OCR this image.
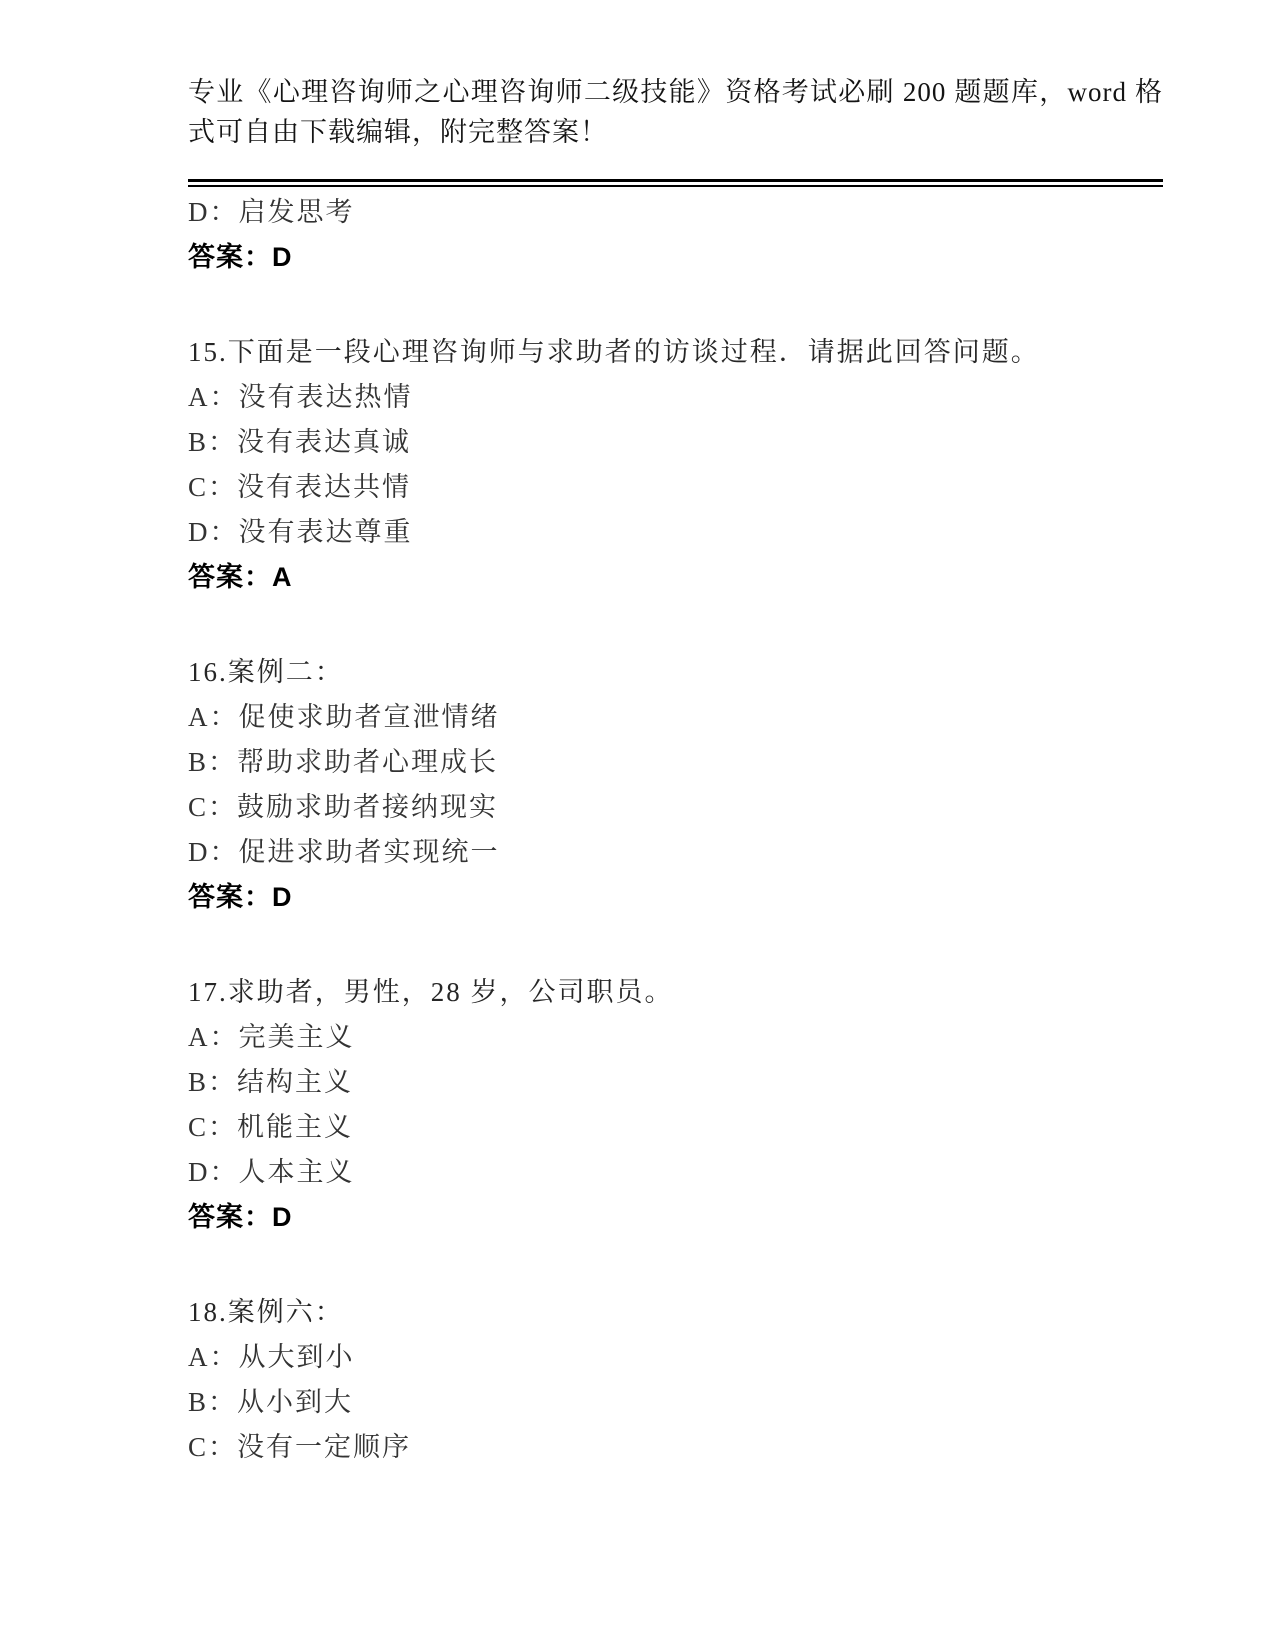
专业《心理咨询师之心理咨询师二级技能》资格考试必刷 200 题题库，word 格式可自由下载编辑，附完整答案！

D：启发思考

答案：D

15.下面是一段心理咨询师与求助者的访谈过程．请据此回答问题。

A：没有表达热情

B：没有表达真诚

C：没有表达共情

D：没有表达尊重

答案：A

16.案例二：

A：促使求助者宣泄情绪

B：帮助求助者心理成长

C：鼓励求助者接纳现实

D：促进求助者实现统一

答案：D

17.求助者，男性，28 岁，公司职员。

A：完美主义

B：结构主义

C：机能主义

D：人本主义

答案：D

18.案例六：

A：从大到小

B：从小到大

C：没有一定顺序
